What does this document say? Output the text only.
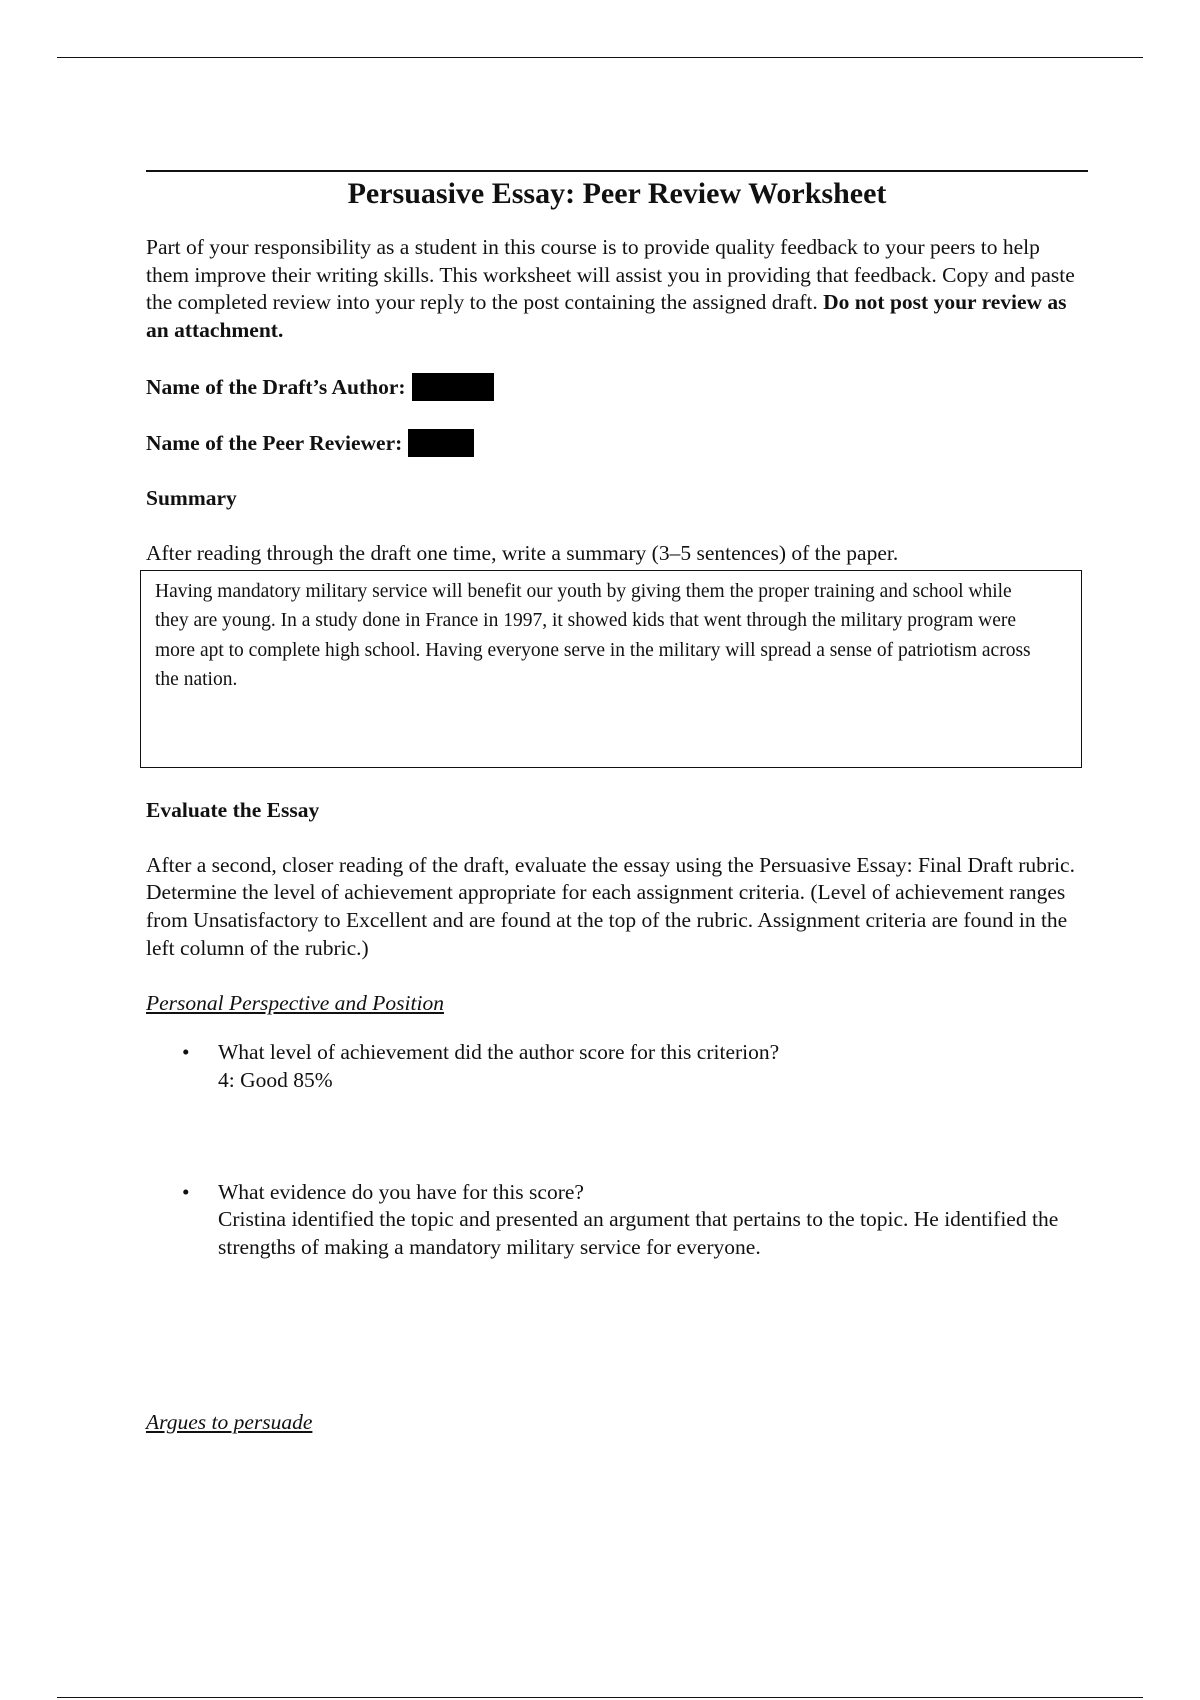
Persuasive Essay: Peer Review Worksheet

Part of your responsibility as a student in this course is to provide quality feedback to your peers to help them improve their writing skills. This worksheet will assist you in providing that feedback. Copy and paste the completed review into your reply to the post containing the assigned draft. Do not post your review as an attachment.

Name of the Draft’s Author:
Name of the Peer Reviewer:
Summary

After reading through the draft one time, write a summary (3–5 sentences) of the paper.

Having mandatory military service will benefit our youth by giving them the proper training and school while they are young. In a study done in France in 1997, it showed kids that went through the military program were more apt to complete high school. Having everyone serve in the military will spread a sense of patriotism across the nation.
Evaluate the Essay

After a second, closer reading of the draft, evaluate the essay using the Persuasive Essay: Final Draft rubric. Determine the level of achievement appropriate for each assignment criteria. (Level of achievement ranges from Unsatisfactory to Excellent and are found at the top of the rubric. Assignment criteria are found in the left column of the rubric.)

Personal Perspective and Position

• What level of achievement did the author score for this criterion?
4: Good 85%
• What evidence do you have for this score?
Cristina identified the topic and presented an argument that pertains to the topic. He identified the strengths of making a mandatory military service for everyone.

Argues to persuade
